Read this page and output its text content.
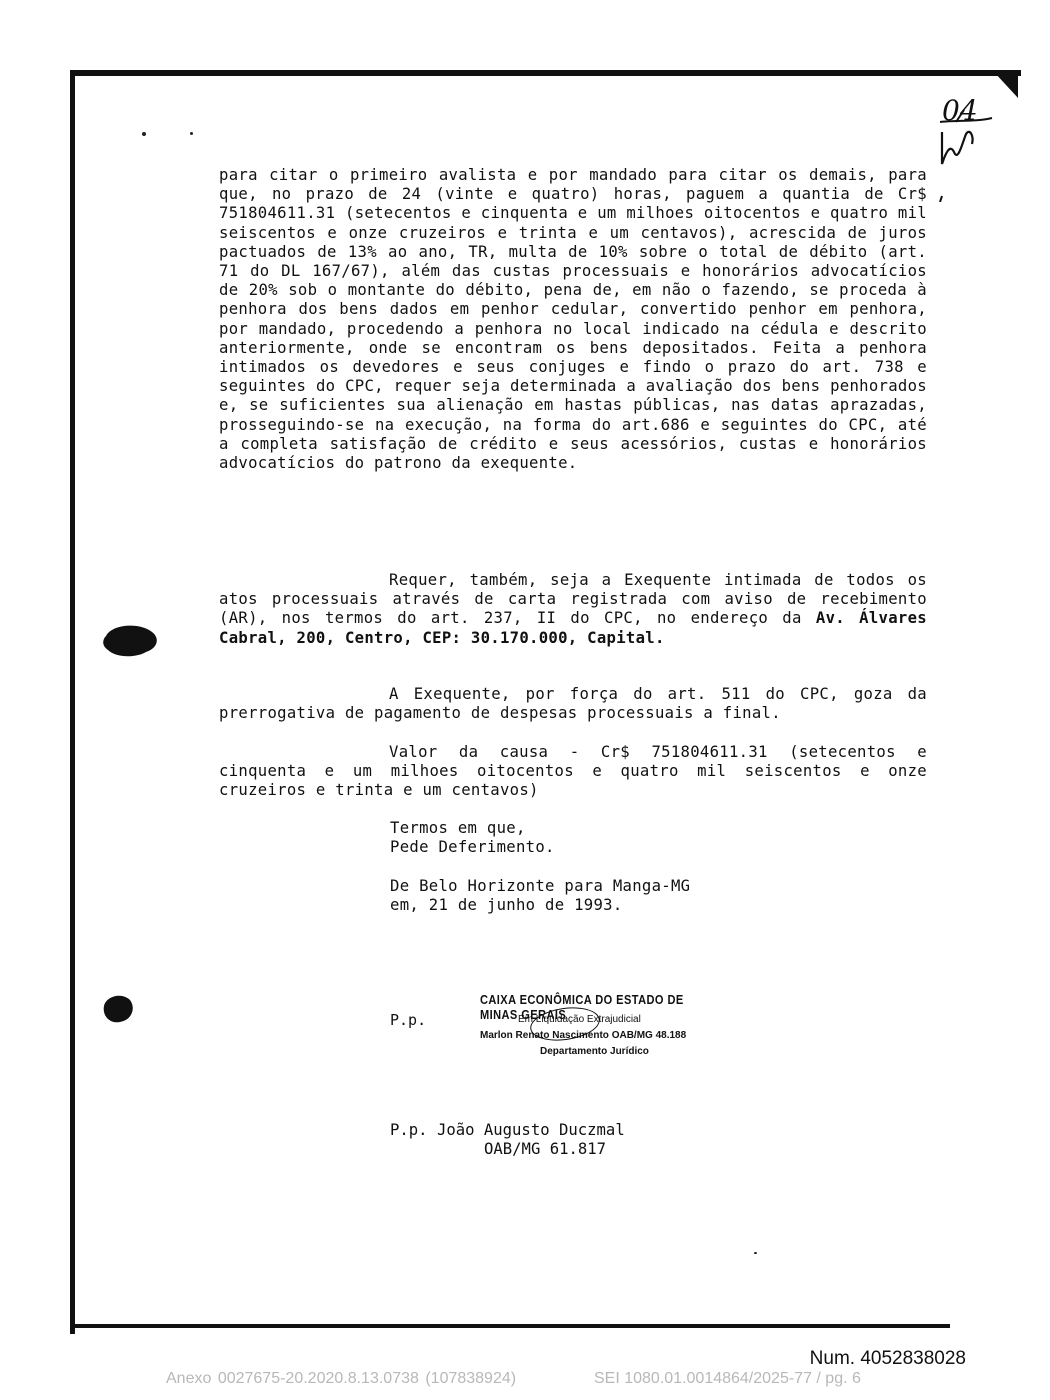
04
para citar o primeiro avalista e por mandado para citar os demais, para que, no prazo de 24 (vinte e quatro) horas, paguem a quantia de Cr$ 751804611.31 (setecentos e cinquenta e um milhoes oitocentos e quatro mil seiscentos e onze cruzeiros e trinta e um centavos), acrescida de juros pactuados de 13% ao ano, TR, multa de 10% sobre o total de débito (art. 71 do DL 167/67), além das custas processuais e honorários advocatícios de 20% sob o montante do débito, pena de, em não o fazendo, se proceda à penhora dos bens dados em penhor cedular, convertido penhor em penhora, por mandado, procedendo a penhora no local indicado na cédula e descrito anteriormente, onde se encontram os bens depositados. Feita a penhora intimados os devedores e seus conjuges e findo o prazo do art. 738 e seguintes do CPC, requer seja determinada a avaliação dos bens penhorados e, se suficientes sua alienação em hastas públicas, nas datas aprazadas, prosseguindo-se na execução, na forma do art.686 e seguintes do CPC, até a completa satisfação de crédito e seus acessórios, custas e honorários advocatícios do patrono da exequente.
Requer, também, seja a Exequente intimada de todos os atos processuais através de carta registrada com aviso de recebimento (AR), nos termos do art. 237, II do CPC, no endereço da Av. Álvares Cabral, 200, Centro, CEP: 30.170.000, Capital.
A Exequente, por força do art. 511 do CPC, goza da prerrogativa de pagamento de despesas processuais a final.
Valor da causa - Cr$ 751804611.31 (setecentos e cinquenta e um milhoes oitocentos e quatro mil seiscentos e onze cruzeiros e trinta e um centavos)
Termos em que,
Pede Deferimento.
De Belo Horizonte para Manga-MG
em, 21 de junho de 1993.
P.p.
CAIXA ECONÔMICA DO ESTADO DE MINAS GERAIS
Em Liquidação Extrajudicial
Marlon Renato Nascimento OAB/MG 48.188
Departamento Jurídico
P.p. João Augusto Duczmal
OAB/MG 61.817
Num. 4052838028
Anexo 0027675-20.2020.8.13.0738 (107838924)	SEI 1080.01.0014864/2025-77 / pg. 6
